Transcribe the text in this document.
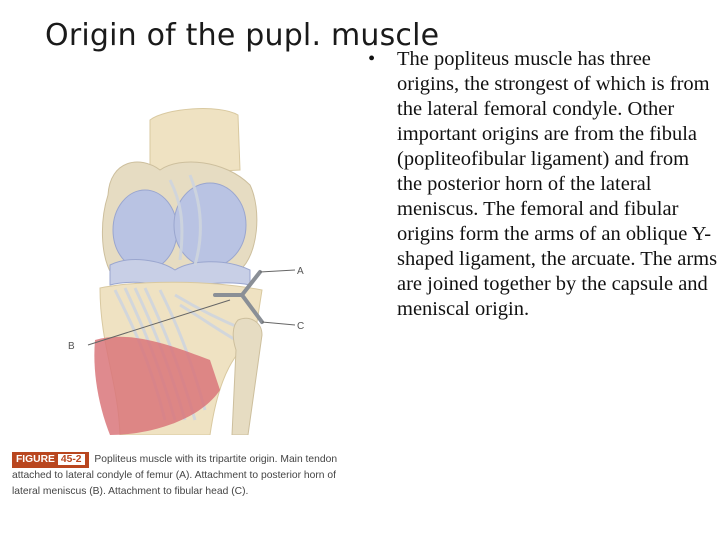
Origin of the pupl. muscle
A
C
B
• The popliteus muscle has three origins, the strongest of which is from the lateral femoral condyle. Other important origins are from the fibula (popliteofibular ligament) and from the posterior horn of the lateral meniscus. The femoral and fibular origins form the arms of an oblique Y-shaped ligament, the arcuate. The arms are joined together by the capsule and meniscal origin.
FIGURE 45-2 Popliteus muscle with its tripartite origin. Main tendon attached to lateral condyle of femur (A). Attachment to posterior horn of lateral meniscus (B). Attachment to fibular head (C).
